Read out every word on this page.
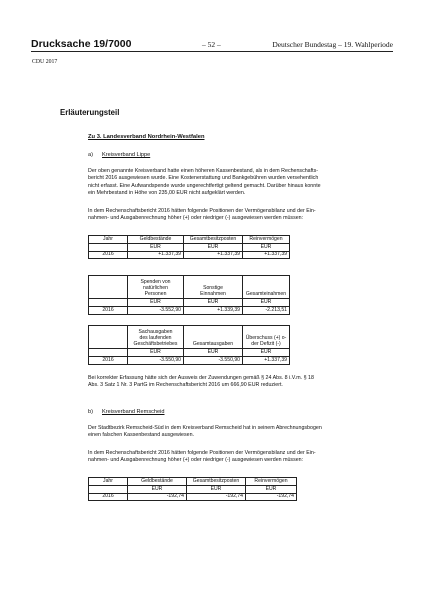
Drucksache 19/7000	– 52 –	Deutscher Bundestag – 19. Wahlperiode
CDU 2017
Erläuterungsteil
Zu 3. Landesverband Nordrhein-Westfalen
a) Kreisverband Lippe
Der oben genannte Kreisverband hatte einen höheren Kassenbestand, als in dem Rechenschafts-
bericht 2016 ausgewiesen wurde. Eine Kostenerstattung und Bankgebühren wurden versehentlich
nicht erfasst. Eine Aufwandspende wurde ungerechtfertigt geltend gemacht. Darüber hinaus konnte
ein Mehrbestand in Höhe von 235,00 EUR nicht aufgeklärt werden.
In dem Rechenschaftsbericht 2016 hätten folgende Positionen der Vermögensbilanz und der Ein-
nahmen- und Ausgabenrechnung höher (+) oder niedriger (-) ausgewiesen werden müssen:
Jahr	Geldbestände	Gesamtbesitzposten	Reinvermögen
	EUR	EUR	EUR
2016	+1.337,39	+1.337,39	+1.337,39
	Spenden von
natürlichen
Personen	Sonstige
Einnahmen	Gesamteinahmen
	EUR	EUR	EUR
2016	-3.552,90	+1.339,39	-2.213,51
	Sachausgaben
des laufenden
Geschäftsbetriebes	Gesamtausgaben	Überschuss (+) o-
der Defizit (-)
	EUR	EUR	EUR
2016	-3.550,90	-3.550,90	+1.337,39
Bei korrekter Erfassung hätte sich der Ausweis der Zuwendungen gemäß § 24 Abs. 8 i.V.m. § 18
Abs. 3 Satz 1 Nr. 3 PartG im Rechenschaftsbericht 2016 um 666,90 EUR reduziert.
b) Kreisverband Remscheid
Der Stadtbezirk Remscheid-Süd in dem Kreisverband Remscheid hat in seinem Abrechnungsbogen
einen falschen Kassenbestand ausgewiesen.
In dem Rechenschaftsbericht 2016 hätten folgende Positionen der Vermögensbilanz und der Ein-
nahmen- und Ausgabenrechnung höher (+) oder niedriger (-) ausgewiesen werden müssen:
Jahr	Geldbestände	Gesamtbesitzposten	Reinvermögen
	EUR	EUR	EUR
2016	-192,74	-192,74	-192,74
